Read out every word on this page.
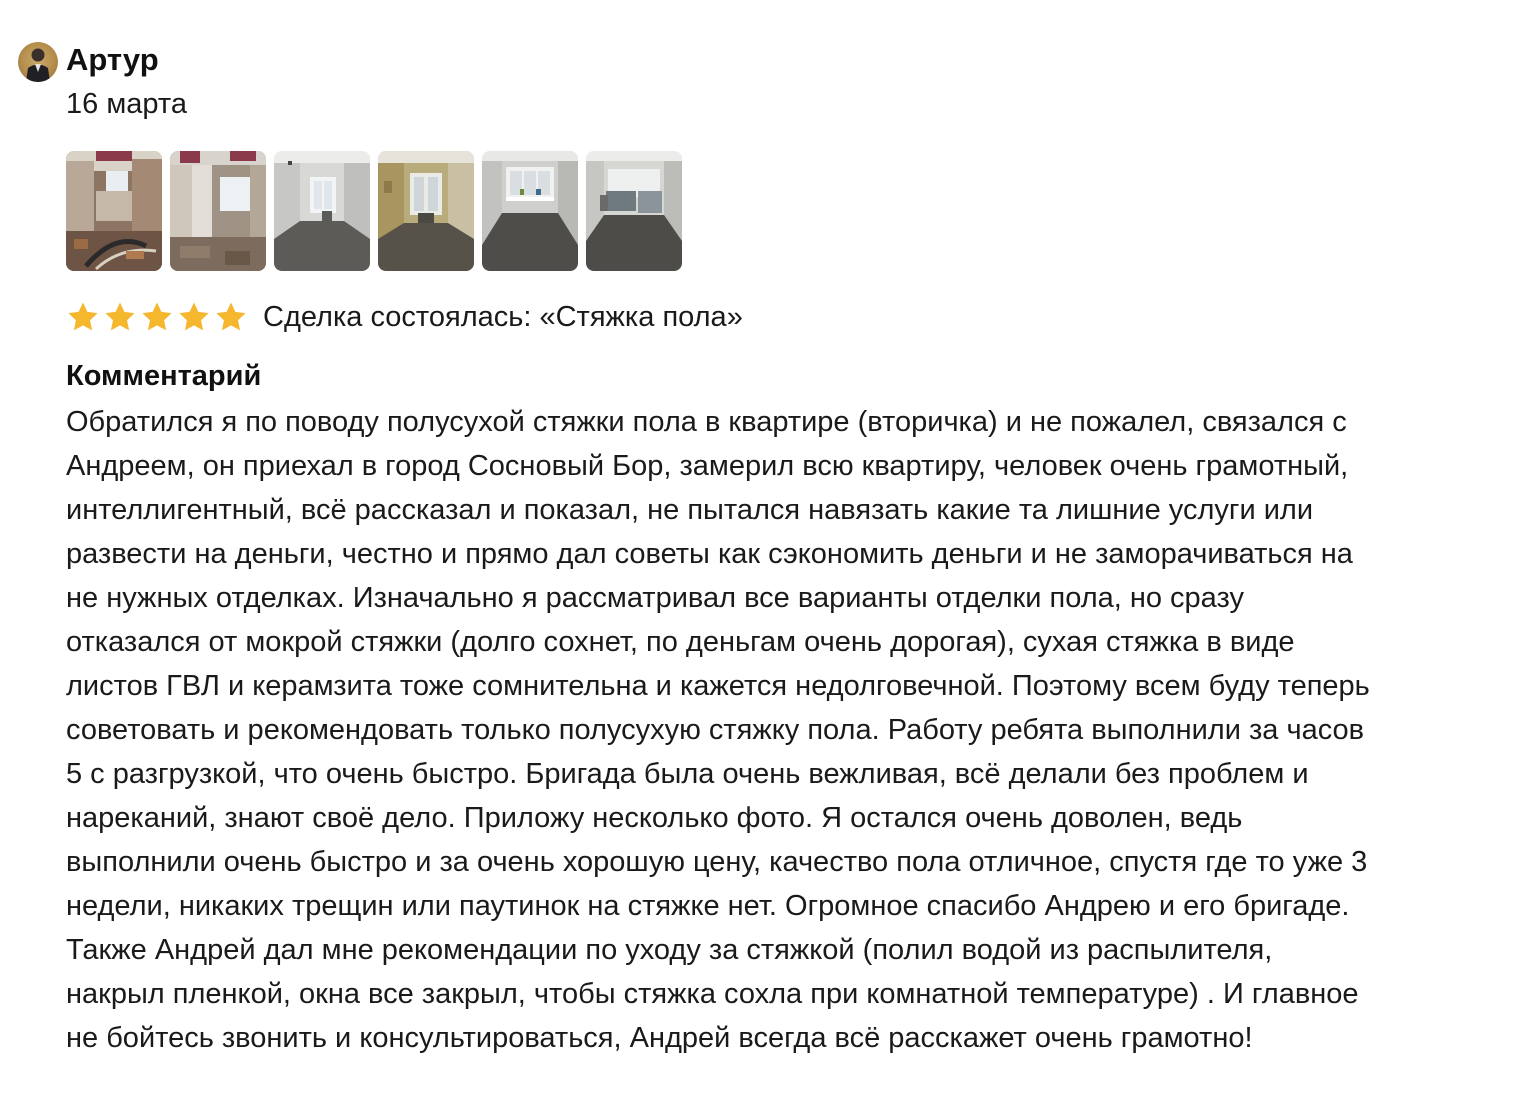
Артур
16 марта
Сделка состоялась: «Стяжка пола»
Комментарий
Обратился я по поводу полусухой стяжки пола в квартире (вторичка) и не пожалел, связался с
Андреем, он приехал в город Сосновый Бор, замерил всю квартиру, человек очень грамотный,
интеллигентный, всё рассказал и показал, не пытался навязать какие та лишние услуги или
развести на деньги, честно и прямо дал советы как сэкономить деньги и не заморачиваться на
не нужных отделках. Изначально я рассматривал все варианты отделки пола, но сразу
отказался от мокрой стяжки (долго сохнет, по деньгам очень дорогая), сухая стяжка в виде
листов ГВЛ и керамзита тоже сомнительна и кажется недолговечной. Поэтому всем буду теперь
советовать и рекомендовать только полусухую стяжку пола. Работу ребята выполнили за часов
5 с разгрузкой, что очень быстро. Бригада была очень вежливая, всё делали без проблем и
нареканий, знают своё дело. Приложу несколько фото. Я остался очень доволен, ведь
выполнили очень быстро и за очень хорошую цену, качество пола отличное, спустя где то уже 3
недели, никаких трещин или паутинок на стяжке нет. Огромное спасибо Андрею и его бригаде.
Также Андрей дал мне рекомендации по уходу за стяжкой (полил водой из распылителя,
накрыл пленкой, окна все закрыл, чтобы стяжка сохла при комнатной температуре) . И главное
не бойтесь звонить и консультироваться, Андрей всегда всё расскажет очень грамотно!
